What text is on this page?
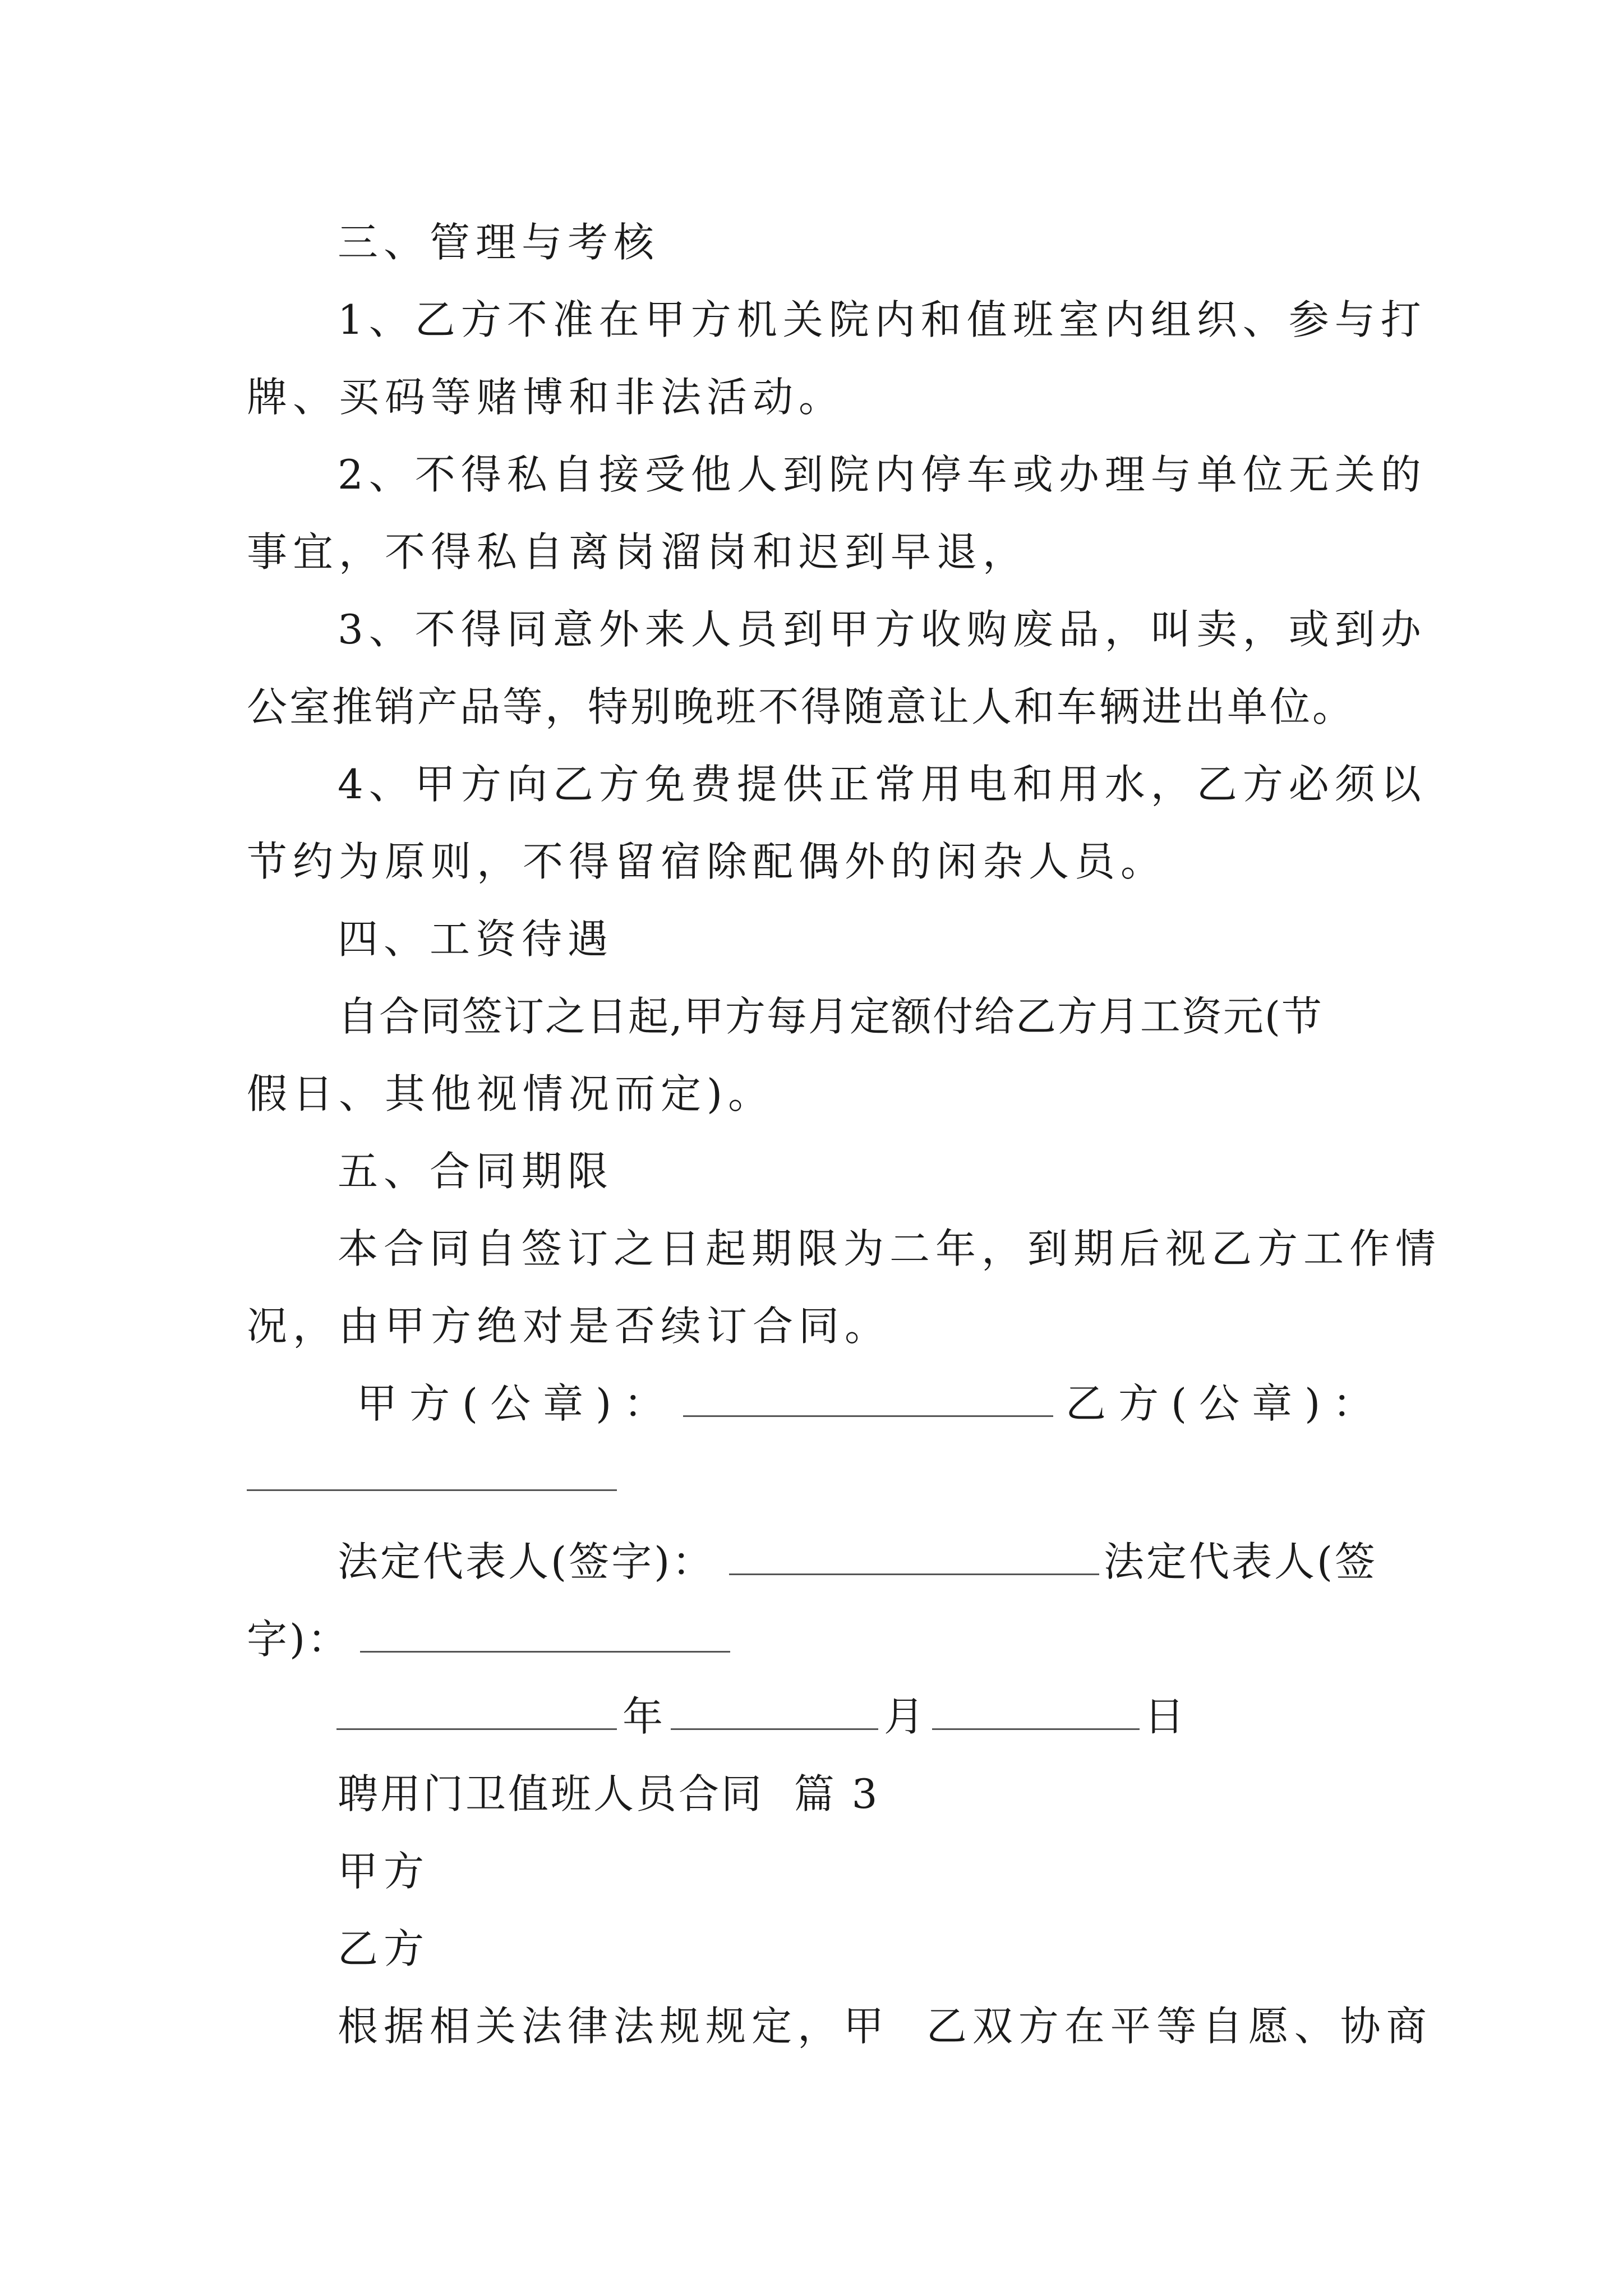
三、管理与考核
1、乙方不准在甲方机关院内和值班室内组织、参与打
牌、买码等赌博和非法活动。
2、不得私自接受他人到院内停车或办理与单位无关的
事宜，不得私自离岗溜岗和迟到早退，
3、不得同意外来人员到甲方收购废品，叫卖，或到办
公室推销产品等，特别晚班不得随意让人和车辆进出单位。
4、甲方向乙方免费提供正常用电和用水，乙方必须以
节约为原则，不得留宿除配偶外的闲杂人员。
四、工资待遇
自合同签订之日起,甲方每月定额付给乙方月工资元(节
假日、其他视情况而定)。
五、合同期限
本合同自签订之日起期限为二年，到期后视乙方工作情
况，由甲方绝对是否续订合同。
甲方(公章)：	乙方(公章)：
法定代表人(签字)：	法定代表人(签
字)：
年	月	日
聘用门卫值班人员合同  篇 3
甲方
乙方
根据相关法律法规规定，甲  乙双方在平等自愿、协商
